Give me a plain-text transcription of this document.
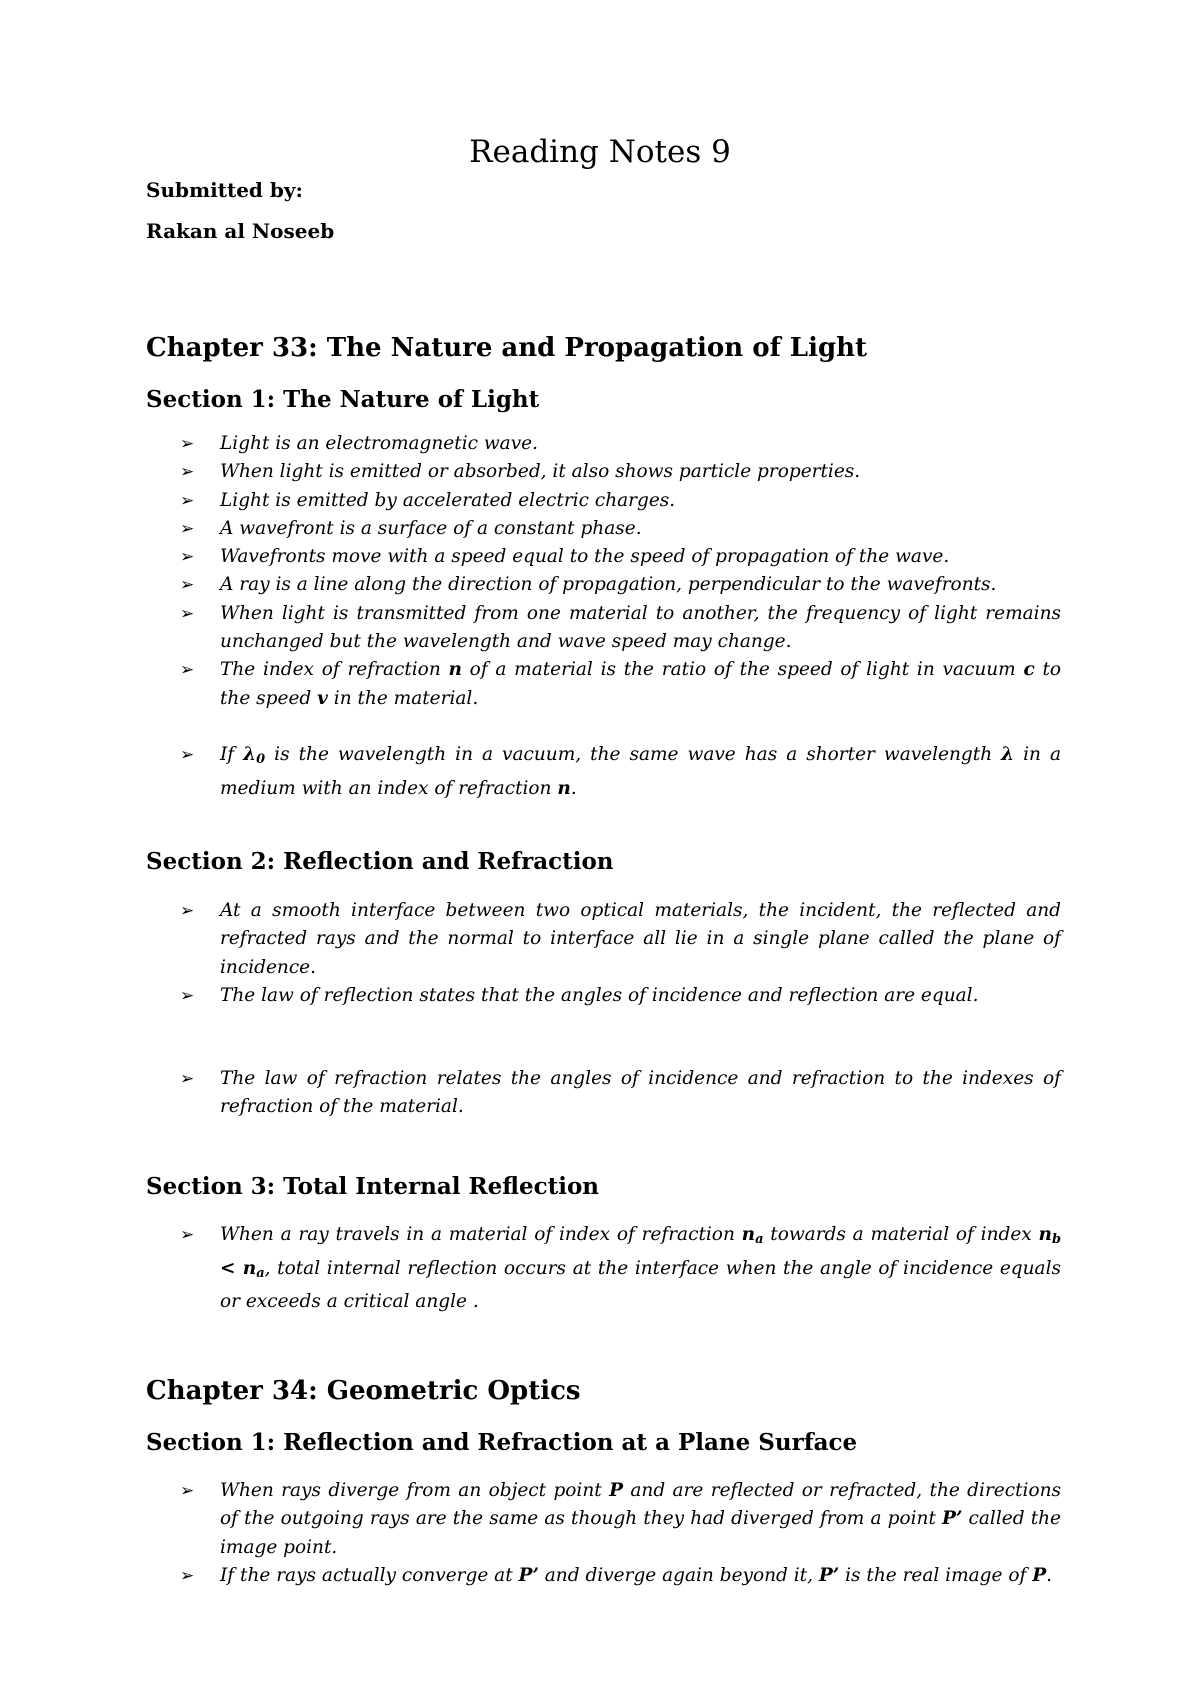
Reading Notes 9

Submitted by:

Rakan al Noseeb

Chapter 33: The Nature and Propagation of Light
Section 1: The Nature of Light
➢ Light is an electromagnetic wave.
➢ When light is emitted or absorbed, it also shows particle properties.
➢ Light is emitted by accelerated electric charges.
➢ A wavefront is a surface of a constant phase.
➢ Wavefronts move with a speed equal to the speed of propagation of the wave.
➢ A ray is a line along the direction of propagation, perpendicular to the wavefronts.
➢ When light is transmitted from one material to another, the frequency of light remains unchanged but the wavelength and wave speed may change.
➢ The index of refraction n of a material is the ratio of the speed of light in vacuum c to the speed v in the material.
➢ If $\lambda_0$ is the wavelength in a vacuum, the same wave has a shorter wavelength λ in a medium with an index of refraction n.
Section 2: Reflection and Refraction
➢ At a smooth interface between two optical materials, the incident, the reflected and refracted rays and the normal to interface all lie in a single plane called the plane of incidence.
➢ The law of reflection states that the angles of incidence and reflection are equal.
➢ The law of refraction relates the angles of incidence and refraction to the indexes of refraction of the material.
Section 3: Total Internal Reflection
➢ When a ray travels in a material of index of refraction $n_a$ towards a material of index $n_b < n_a$, total internal reflection occurs at the interface when the angle of incidence equals or exceeds a critical angle .
Chapter 34: Geometric Optics
Section 1: Reflection and Refraction at a Plane Surface
➢ When rays diverge from an object point P and are reflected or refracted, the directions of the outgoing rays are the same as though they had diverged from a point P’ called the image point.
➢ If the rays actually converge at P’ and diverge again beyond it, P’ is the real image of P.
